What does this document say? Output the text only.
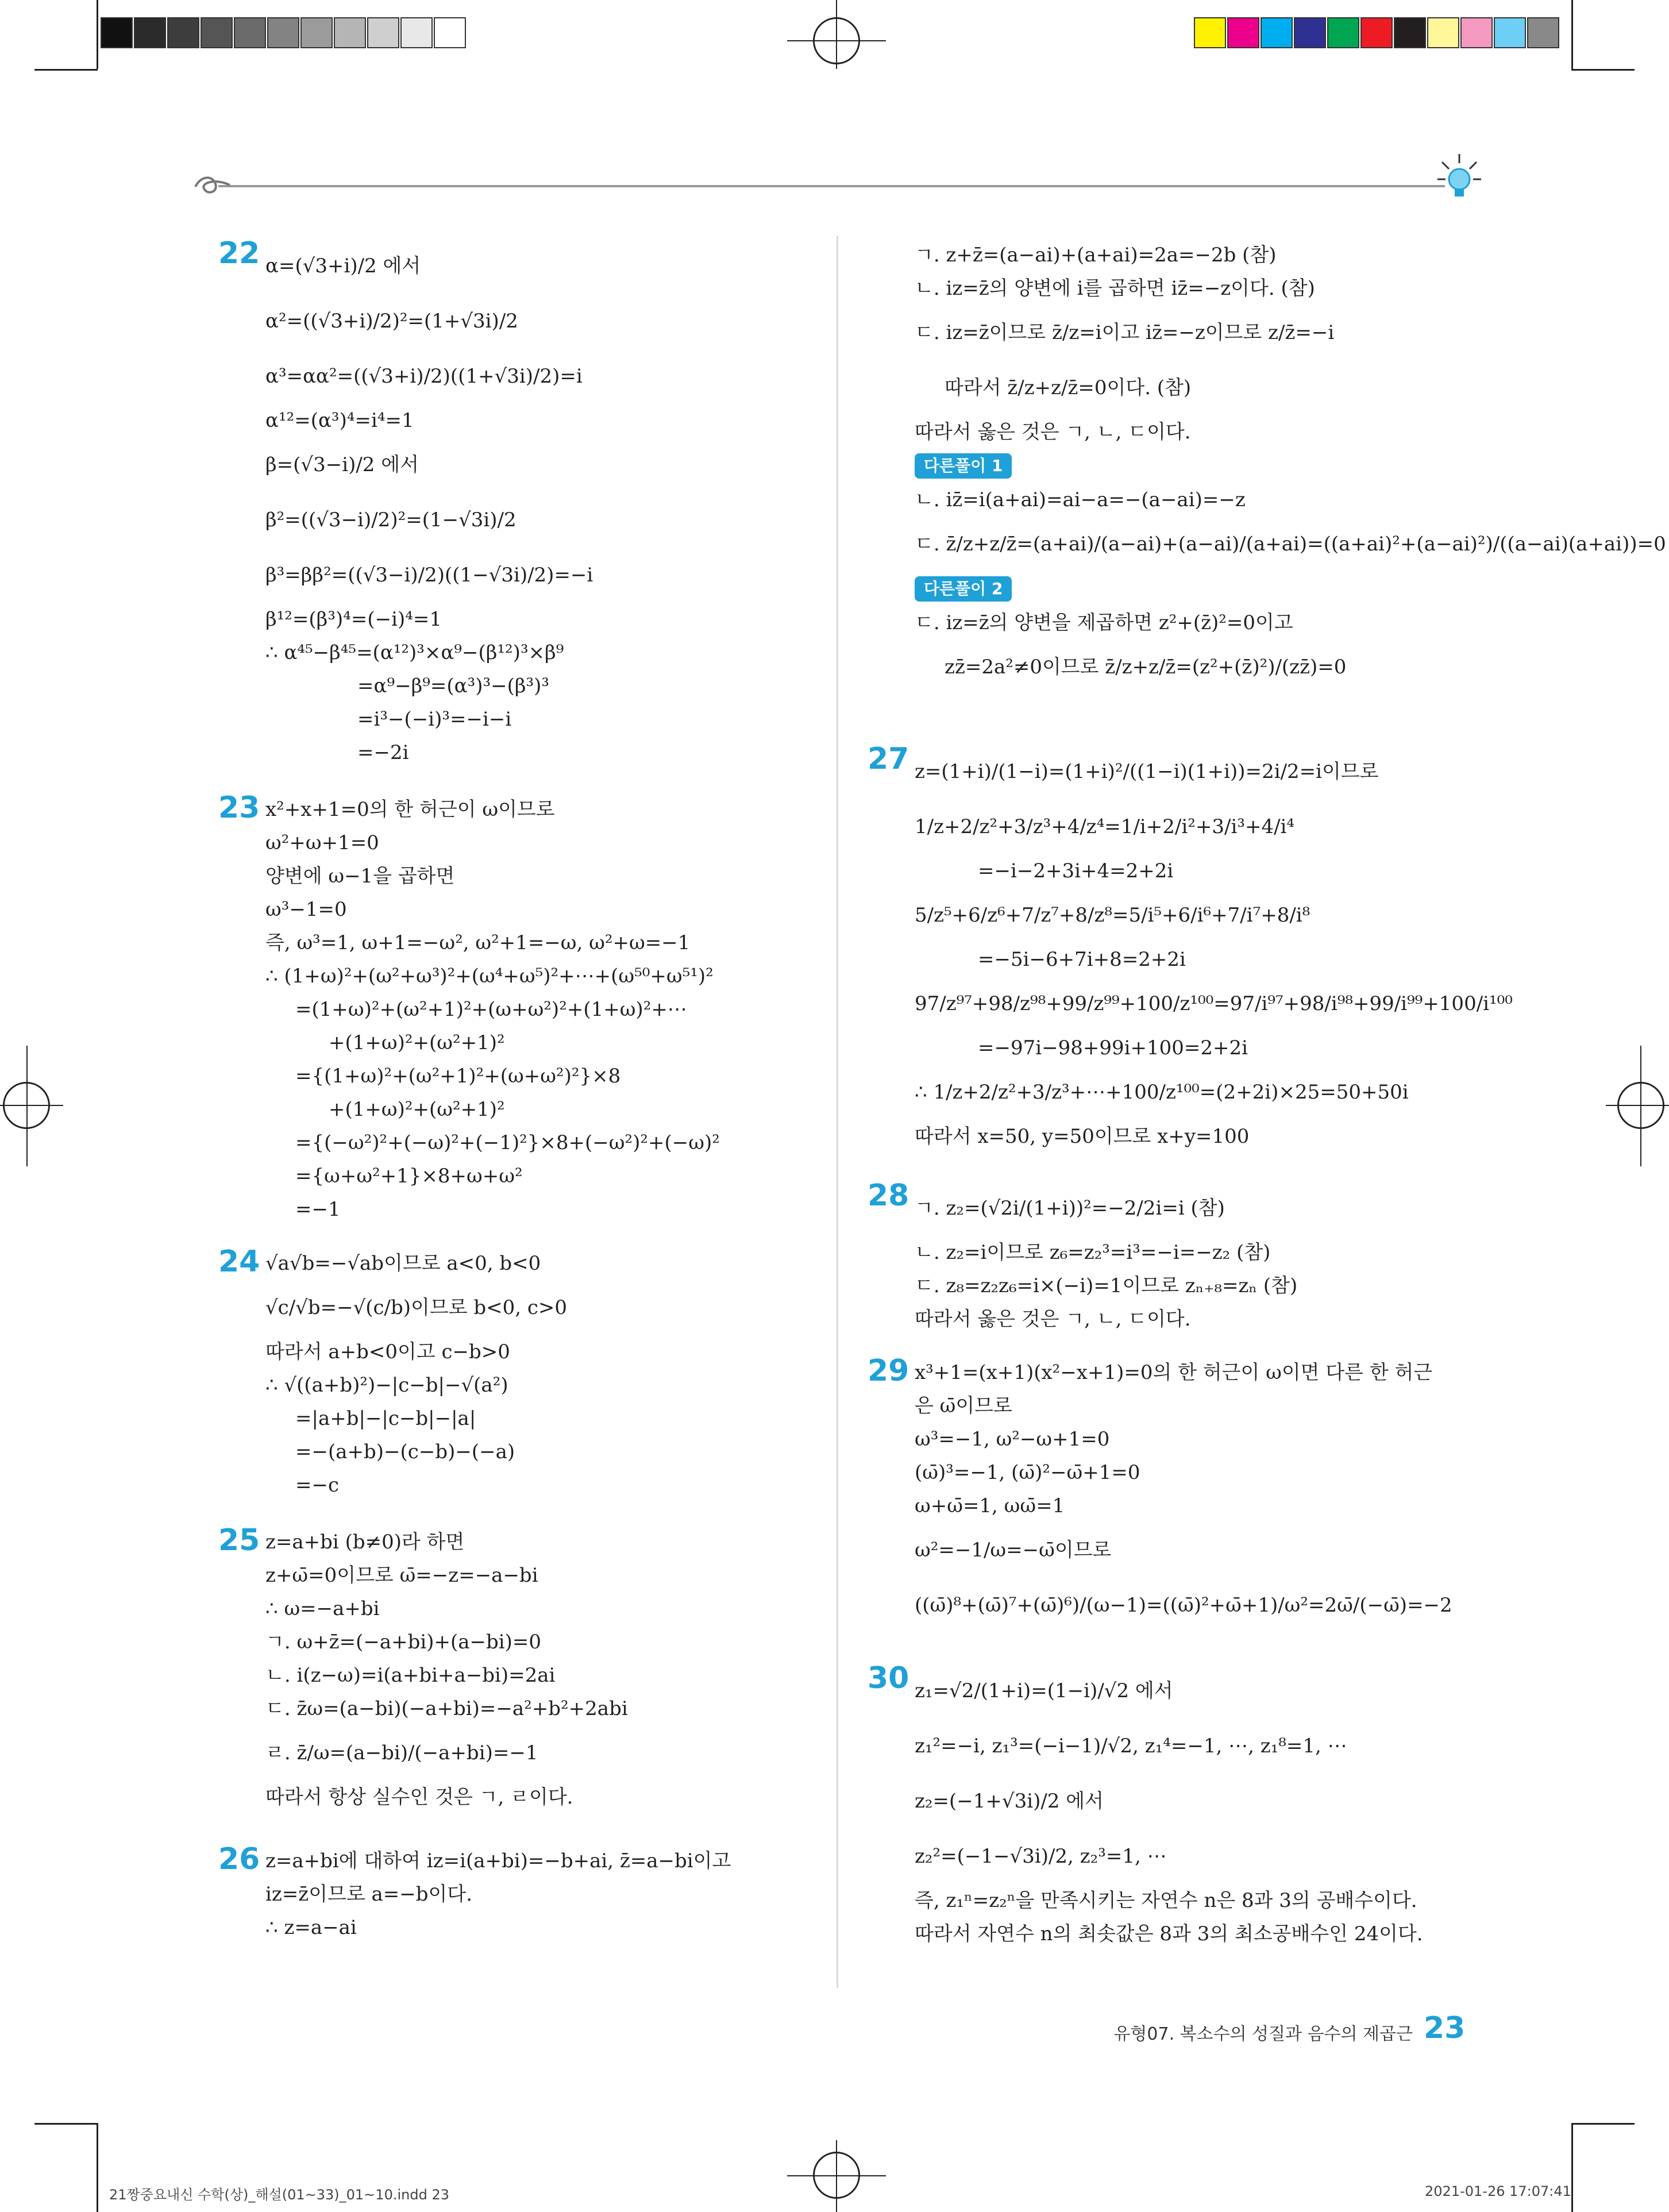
22 α=(√3+i)/2 에서
α²=((√3+i)/2)²=(1+√3i)/2
α³=αα²=((√3+i)/2)((1+√3i)/2)=i
α¹²=(α³)⁴=i⁴=1
β=(√3−i)/2 에서
β²=((√3−i)/2)²=(1−√3i)/2
β³=ββ²=((√3−i)/2)((1−√3i)/2)=−i
β¹²=(β³)⁴=(−i)⁴=1
∴ α⁴⁵−β⁴⁵=(α¹²)³×α⁹−(β¹²)³×β⁹
=α⁹−β⁹=(α³)³−(β³)³
=i³−(−i)³=−i−i
=−2i
23 x²+x+1=0의 한 허근이 ω이므로
ω²+ω+1=0
양변에 ω−1을 곱하면
ω³−1=0
즉, ω³=1, ω+1=−ω², ω²+1=−ω, ω²+ω=−1
∴ (1+ω)²+(ω²+ω³)²+(ω⁴+ω⁵)²+⋯+(ω⁵⁰+ω⁵¹)²
=(1+ω)²+(ω²+1)²+(ω+ω²)²+(1+ω)²+⋯
+(1+ω)²+(ω²+1)²
={(1+ω)²+(ω²+1)²+(ω+ω²)²}×8
+(1+ω)²+(ω²+1)²
={(−ω²)²+(−ω)²+(−1)²}×8+(−ω²)²+(−ω)²
={ω+ω²+1}×8+ω+ω²
=−1
24 √a√b=−√ab이므로 a<0, b<0
√c/√b=−√(c/b)이므로 b<0, c>0
따라서 a+b<0이고 c−b>0
∴ √((a+b)²)−|c−b|−√(a²)
=|a+b|−|c−b|−|a|
=−(a+b)−(c−b)−(−a)
=−c
25 z=a+bi (b≠0)라 하면
z+ω̄=0이므로 ω̄=−z=−a−bi
∴ ω=−a+bi
ㄱ. ω+z̄=(−a+bi)+(a−bi)=0
ㄴ. i(z−ω)=i(a+bi+a−bi)=2ai
ㄷ. z̄ω=(a−bi)(−a+bi)=−a²+b²+2abi
ㄹ. z̄/ω=(a−bi)/(−a+bi)=−1
따라서 항상 실수인 것은 ㄱ, ㄹ이다.
26 z=a+bi에 대하여 iz=i(a+bi)=−b+ai, z̄=a−bi이고
iz=z̄이므로 a=−b이다.
∴ z=a−ai
ㄱ. z+z̄=(a−ai)+(a+ai)=2a=−2b (참)
ㄴ. iz=z̄의 양변에 i를 곱하면 iz̄=−z이다. (참)
ㄷ. iz=z̄이므로 z̄/z=i이고 iz̄=−z이므로 z/z̄=−i
따라서 z̄/z+z/z̄=0이다. (참)
따라서 옳은 것은 ㄱ, ㄴ, ㄷ이다.
다른풀이 1
ㄴ. iz̄=i(a+ai)=ai−a=−(a−ai)=−z
ㄷ. z̄/z+z/z̄=(a+ai)/(a−ai)+(a−ai)/(a+ai)=((a+ai)²+(a−ai)²)/((a−ai)(a+ai))=0
다른풀이 2
ㄷ. iz=z̄의 양변을 제곱하면 z²+(z̄)²=0이고
zz̄=2a²≠0이므로 z̄/z+z/z̄=(z²+(z̄)²)/(zz̄)=0
27 z=(1+i)/(1−i)=(1+i)²/((1−i)(1+i))=2i/2=i이므로
1/z+2/z²+3/z³+4/z⁴=1/i+2/i²+3/i³+4/i⁴
=−i−2+3i+4=2+2i
5/z⁵+6/z⁶+7/z⁷+8/z⁸=5/i⁵+6/i⁶+7/i⁷+8/i⁸
=−5i−6+7i+8=2+2i
97/z⁹⁷+98/z⁹⁸+99/z⁹⁹+100/z¹⁰⁰=97/i⁹⁷+98/i⁹⁸+99/i⁹⁹+100/i¹⁰⁰
=−97i−98+99i+100=2+2i
∴ 1/z+2/z²+3/z³+⋯+100/z¹⁰⁰=(2+2i)×25=50+50i
따라서 x=50, y=50이므로 x+y=100
28 ㄱ. z₂=(√2i/(1+i))²=−2/2i=i (참)
ㄴ. z₂=i이므로 z₆=z₂³=i³=−i=−z₂ (참)
ㄷ. z₈=z₂z₆=i×(−i)=1이므로 zₙ₊₈=zₙ (참)
따라서 옳은 것은 ㄱ, ㄴ, ㄷ이다.
29 x³+1=(x+1)(x²−x+1)=0의 한 허근이 ω이면 다른 한 허근
은 ω̄이므로
ω³=−1, ω²−ω+1=0
(ω̄)³=−1, (ω̄)²−ω̄+1=0
ω+ω̄=1, ωω̄=1
ω²=−1/ω=−ω̄이므로
((ω̄)⁸+(ω̄)⁷+(ω̄)⁶)/(ω−1)=((ω̄)²+ω̄+1)/ω²=2ω̄/(−ω̄)=−2
30 z₁=√2/(1+i)=(1−i)/√2 에서
z₁²=−i, z₁³=(−i−1)/√2, z₁⁴=−1, ⋯, z₁⁸=1, ⋯
z₂=(−1+√3i)/2 에서
z₂²=(−1−√3i)/2, z₂³=1, ⋯
즉, z₁ⁿ=z₂ⁿ을 만족시키는 자연수 n은 8과 3의 공배수이다.
따라서 자연수 n의 최솟값은 8과 3의 최소공배수인 24이다.
유형07. 복소수의 성질과 음수의 제곱근 23
21짱중요내신 수학(상)_해설(01~33)_01~10.indd 23	2021-01-26 17:07:41
